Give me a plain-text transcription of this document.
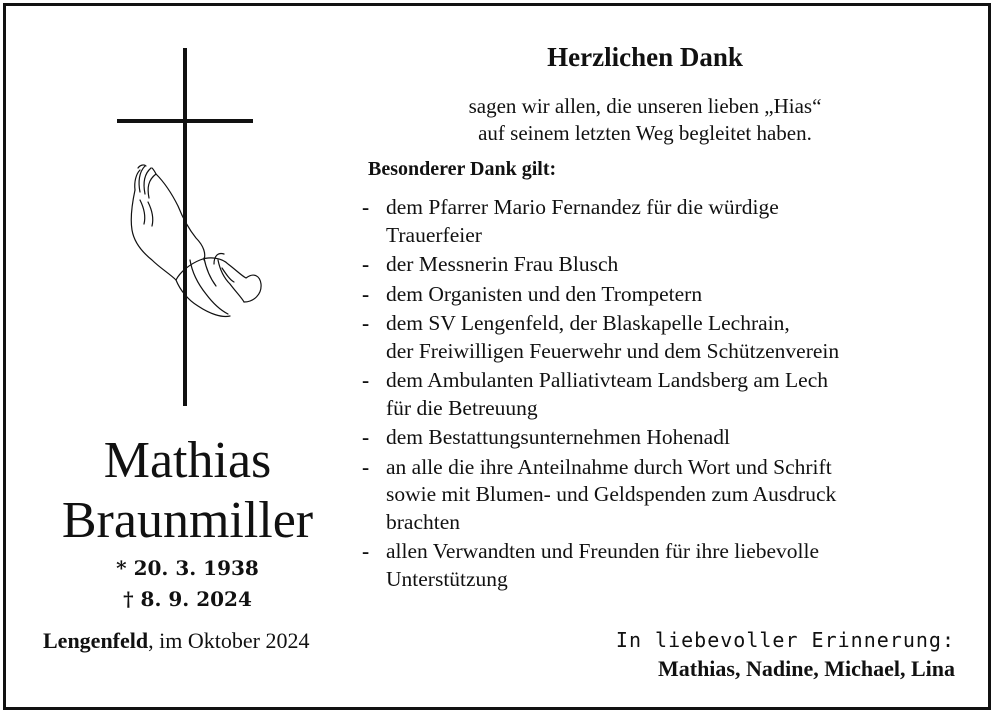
Mathias
Braunmiller
* 20. 3. 1938
† 8. 9. 2024
Lengenfeld, im Oktober 2024
Herzlichen Dank
sagen wir allen, die unseren lieben „Hias“
auf seinem letzten Weg begleitet haben.
Besonderer Dank gilt:
- dem Pfarrer Mario Fernandez für die würdige
Trauerfeier
- der Messnerin Frau Blusch
- dem Organisten und den Trompetern
- dem SV Lengenfeld, der Blaskapelle Lechrain,
der Freiwilligen Feuerwehr und dem Schützenverein
- dem Ambulanten Palliativteam Landsberg am Lech
für die Betreuung
- dem Bestattungsunternehmen Hohenadl
- an alle die ihre Anteilnahme durch Wort und Schrift
sowie mit Blumen- und Geldspenden zum Ausdruck
brachten
- allen Verwandten und Freunden für ihre liebevolle
Unterstützung
In liebevoller Erinnerung:
Mathias, Nadine, Michael, Lina
